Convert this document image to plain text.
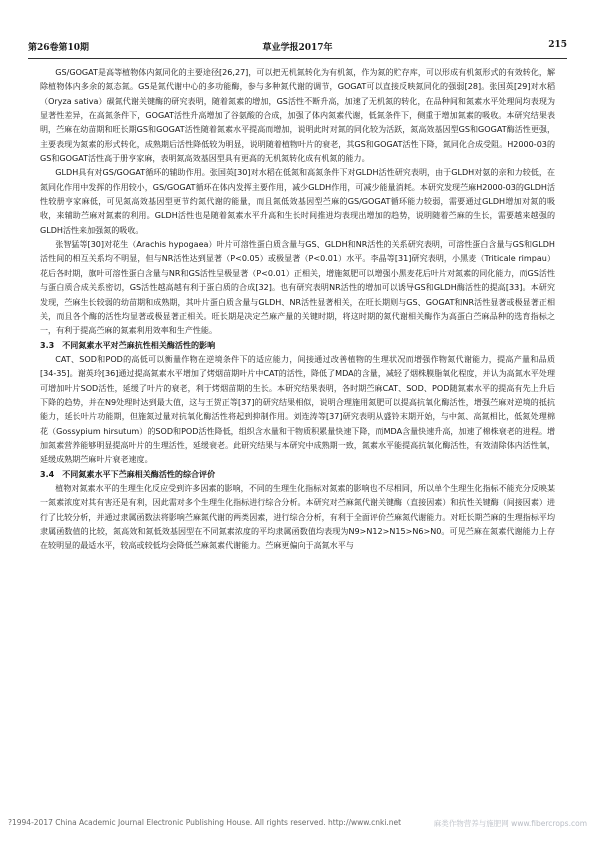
第26卷第10期	草业学报2017年	215

GS/GOGAT是高等植物体内氮同化的主要途径[26,27]，可以把无机氮转化为有机氮，作为氮的贮存库，可以形成有机氮形式的有效转化，解除植物体内多余的氮态氮。GS是氮代谢中心的多功能酶，参与多种氮代谢的调节，GOGAT可以直接反映氮同化的强弱[28]。张国英[29]对水稻（Oryza sativa）碳氮代谢关键酶的研究表明，随着氮素的增加，GS活性不断升高，加速了无机氮的转化，在品种间和氮素水平处理间均表现为显著性差异，在高氮条件下，GOGAT活性升高增加了谷氨酸的合成，加强了体内氮素代谢，低氮条件下，侧重于增加氮素的吸收。本研究结果表明，苎麻在幼苗期和旺长期GS和GOGAT活性随着氮素水平提高而增加，说明此时对氮的同化较为活跃，氮高效基因型GS和GOGAT酶活性更强，主要表现为氮素的形式转化，成熟期后活性降低较为明显，说明随着植物叶片的衰老，其GS和GOGAT活性下降，氮同化合成受阻。H2000-03的GS和GOGAT活性高于册亨家麻，表明氮高效基因型具有更高的无机氮转化成有机氮的能力。

GLDH具有对GS/GOGAT循环的辅助作用。张国英[30]对水稻在低氮和高氮条件下对GLDH活性研究表明，由于GLDH对氨的亲和力较低，在氮同化作用中发挥的作用较小，GS/GOGAT循环在体内发挥主要作用，减少GLDH作用，可减少能量消耗。本研究发现苎麻H2000-03的GLDH活性较册亨家麻低，可见氮高效基因型更节约氮代谢的能量，而且氮低效基因型苎麻的GS/GOGAT循环能力较弱，需要通过GLDH增加对氮的吸收，来辅助苎麻对氮素的利用。GLDH活性也是随着氮素水平升高和生长时间推进均表现出增加的趋势，说明随着苎麻的生长，需要越来越强的GLDH活性来加强氮的吸收。

张智猛等[30]对花生（Arachis hypogaea）叶片可溶性蛋白质含量与GS、GLDH和NR活性的关系研究表明，可溶性蛋白含量与GS和GLDH活性间的相互关系均不明显，但与NR活性达到显著（P<0.05）或极显著（P<0.01）水平。李晶等[31]研究表明，小黑麦（Triticale rimpau）花后各时期，旗叶可溶性蛋白含量与NR和GS活性呈极显著（P<0.01）正相关，增施氮肥可以增强小黑麦花后叶片对氮素的同化能力，而GS活性与蛋白质合成关系密切，GS活性越高越有利于蛋白质的合成[32]。也有研究表明NR活性的增加可以诱导GS和GLDH酶活性的提高[33]。本研究发现，苎麻生长较弱的幼苗期和成熟期，其叶片蛋白质含量与GLDH、NR活性显著相关，在旺长期则与GS、GOGAT和NR活性显著或极显著正相关，而且各个酶的活性均显著或极显著正相关。旺长期是决定苎麻产量的关键时期，将这时期的氮代谢相关酶作为高蛋白苎麻品种的选育指标之一，有利于提高苎麻的氮素利用效率和生产性能。

3.3 不同氮素水平对苎麻抗性相关酶活性的影响

CAT、SOD和POD的高低可以衡量作物在逆境条件下的适应能力，间接通过改善植物的生理状况而增强作物氮代谢能力，提高产量和品质[34-35]。谢英玲[36]通过提高氮素水平增加了烤烟苗期叶片中CAT的活性，降低了MDA的含量，减轻了烟株膜脂氧化程度，并认为高氮水平处理可增加叶片SOD活性，延缓了叶片的衰老，利于烤烟苗期的生长。本研究结果表明，各时期苎麻CAT、SOD、POD随氮素水平的提高有先上升后下降的趋势，并在N9处理时达到最大值，这与王贺正等[37]的研究结果相似，说明合理施用氮肥可以提高抗氧化酶活性，增强苎麻对逆境的抵抗能力，延长叶片功能期，但施氮过量对抗氧化酶活性将起到抑制作用。刘连涛等[37]研究表明从盛铃末期开始，与中氮、高氮相比，低氮处理棉花（Gossypium hirsutum）的SOD和POD活性降低，组织含水量和干物质积累量快速下降，而MDA含量快速升高，加速了棉株衰老的进程。增加氮素营养能够明显提高叶片的生理活性，延缓衰老。此研究结果与本研究中成熟期一致，氮素水平能提高抗氧化酶活性，有效清除体内活性氧，延缓成熟期苎麻叶片衰老速度。

3.4 不同氮素水平下苎麻相关酶活性的综合评价

植物对氮素水平的生理生化反应受到许多因素的影响，不同的生理生化指标对氮素的影响也不尽相同，所以单个生理生化指标不能充分反映某一氮素浓度对其有害还是有利，因此需对多个生理生化指标进行综合分析。本研究对苎麻氮代谢关键酶（直接因素）和抗性关键酶（间接因素）进行了比较分析，并通过隶属函数法将影响苎麻氮代谢的两类因素，进行综合分析，有利于全面评价苎麻氮代谢能力。对旺长期苎麻的生理指标平均隶属函数值的比较，氮高效和氮低效基因型在不同氮素浓度的平均隶属函数值均表现为N9>N12>N15>N6>N0。可见苎麻在氮素代谢能力上存在较明显的最适水平，较高或较低均会降低苎麻氮素代谢能力。苎麻更偏向于高氮水平与

?1994-2017 China Academic Journal Electronic Publishing House. All rights reserved. http://www.cnki.net	麻类作物营养与施肥网 www.fibercrops.com
